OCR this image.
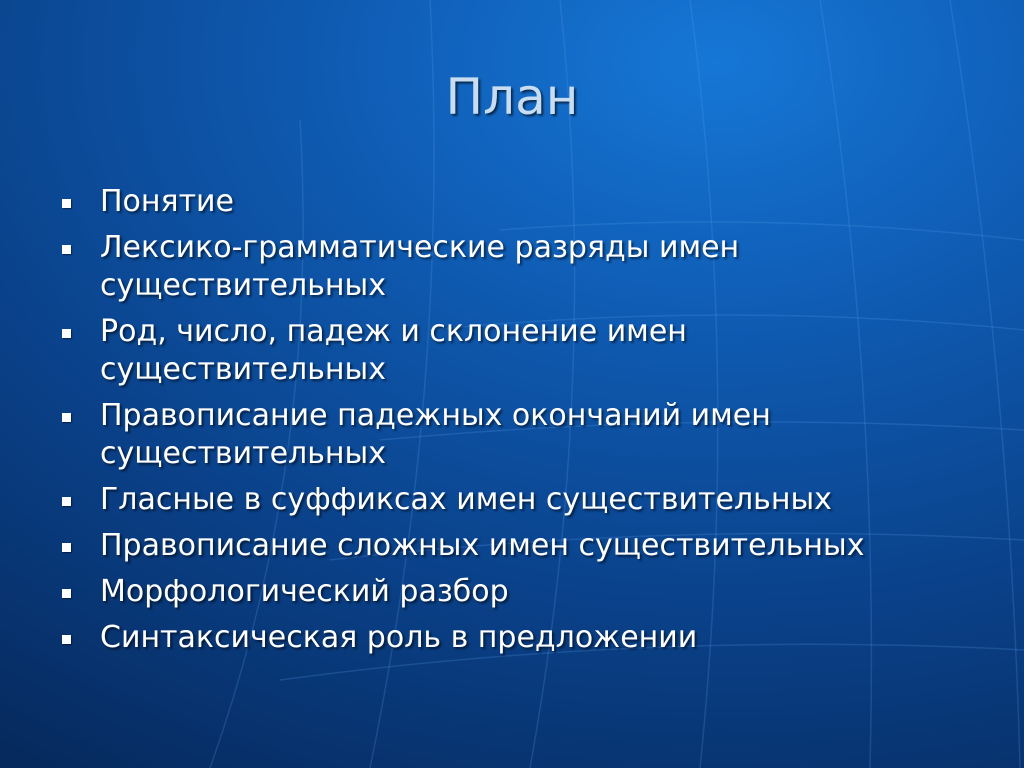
План
Понятие
Лексико-грамматические разряды имен
существительных
Род, число, падеж и склонение имен
существительных
Правописание падежных окончаний имен
существительных
Гласные в суффиксах имен существительных
Правописание сложных имен существительных
Морфологический разбор
Синтаксическая роль в предложении
